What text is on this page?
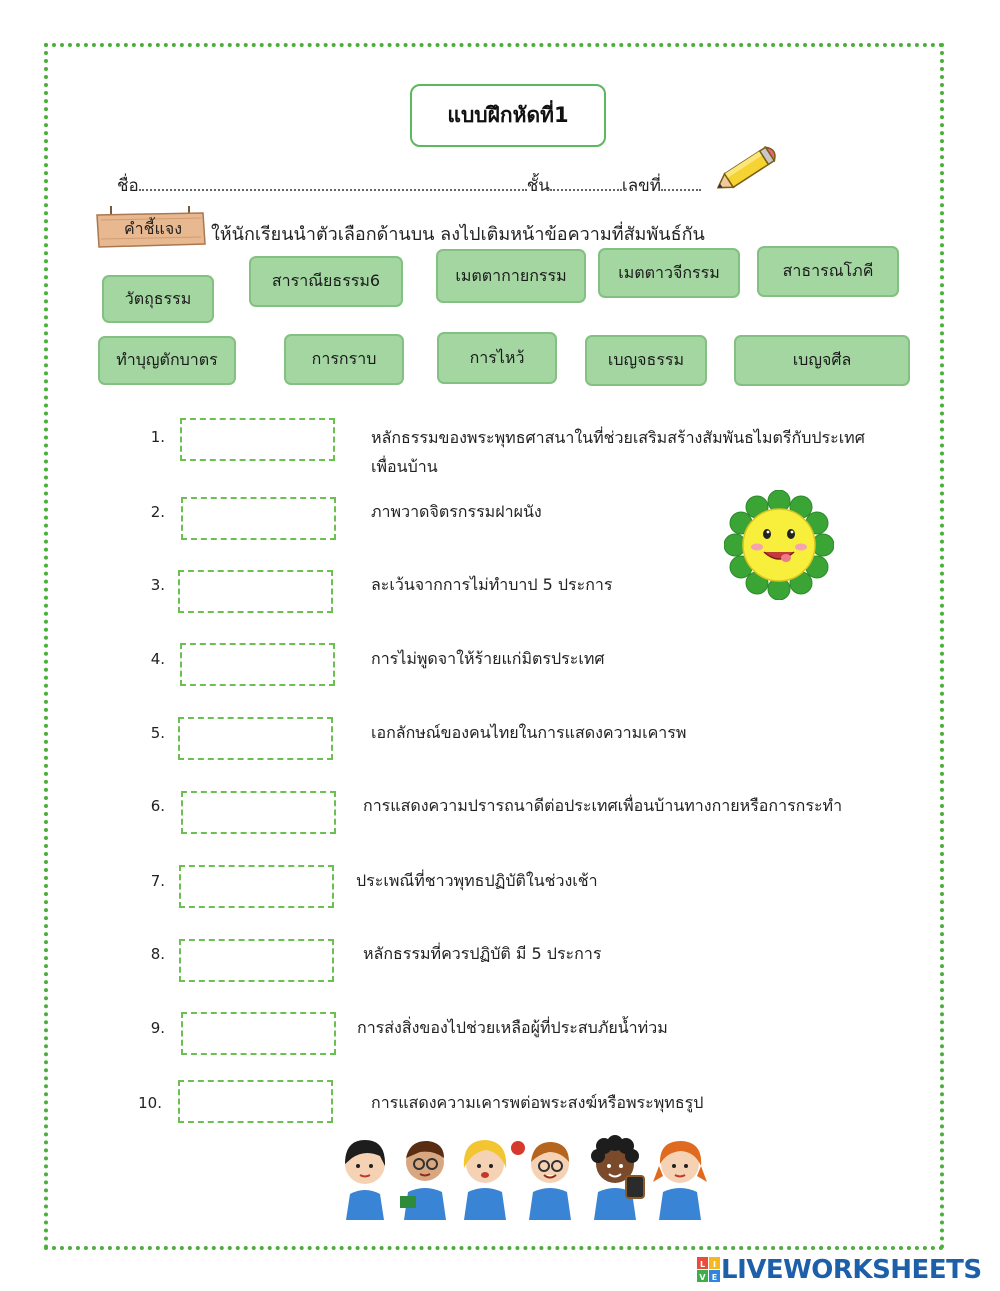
แบบฝึกหัดที่1
ชื่อ	ชั้น	เลขที่
คำชี้แจง	ให้นักเรียนนำตัวเลือกด้านบน ลงไปเติมหน้าข้อความที่สัมพันธ์กัน
วัตถุธรรม
สาราณียธรรม6	เมตตากายกรรม	เมตตาวจีกรรม	สาธารณโภคี
ทำบุญตักบาตร	การกราบ	การไหว้	เบญจธรรม	เบญจศีล
1.	หลักธรรมของพระพุทธศาสนาในที่ช่วยเสริมสร้างสัมพันธไมตรีกับประเทศ
เพื่อนบ้าน
2.	ภาพวาดจิตรกรรมฝาผนัง
3.	ละเว้นจากการไม่ทำบาป 5 ประการ
4.	การไม่พูดจาให้ร้ายแก่มิตรประเทศ
5.	เอกลักษณ์ของคนไทยในการแสดงความเคารพ
6.	การแสดงความปรารถนาดีต่อประเทศเพื่อนบ้านทางกายหรือการกระทำ
7.	ประเพณีที่ชาวพุทธปฏิบัติในช่วงเช้า
8.	หลักธรรมที่ควรปฏิบัติ มี 5 ประการ
9.	การส่งสิ่งของไปช่วยเหลือผู้ที่ประสบภัยน้ำท่วม
10.	การแสดงความเคารพต่อพระสงฆ์หรือพระพุทธรูป
L I
V E LIVEWORKSHEETS
